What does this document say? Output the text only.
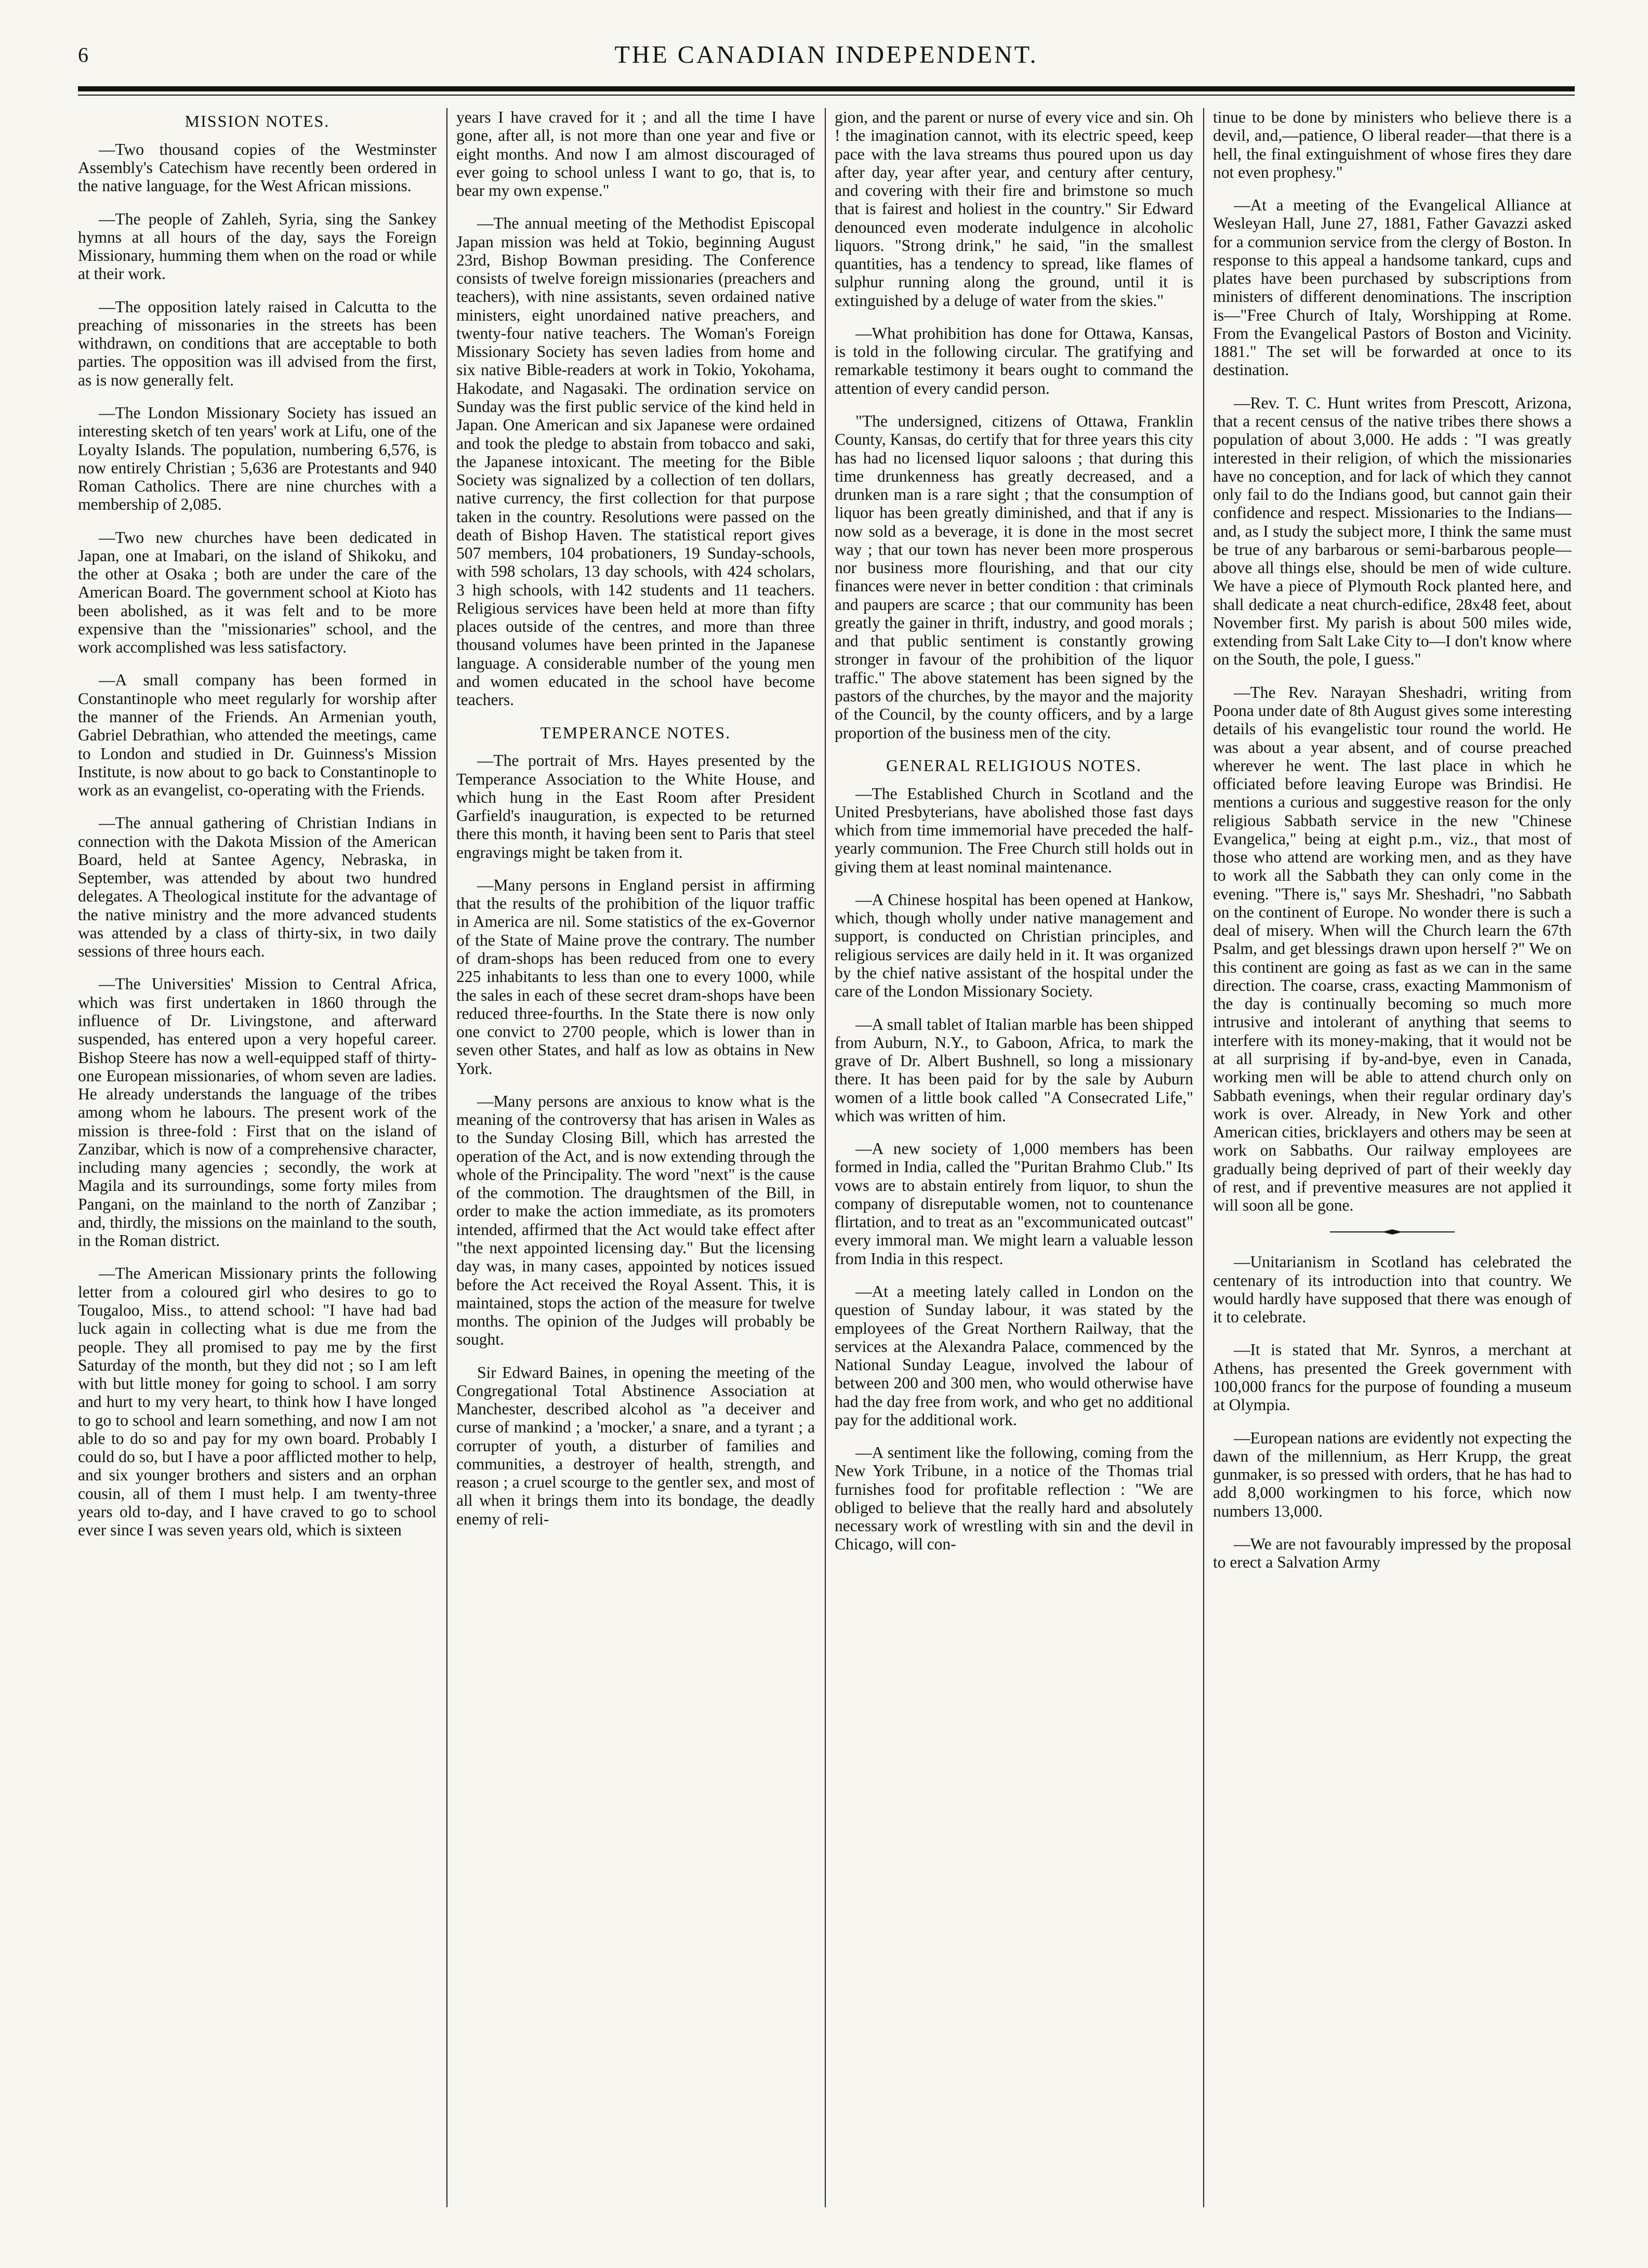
6	THE CANADIAN INDEPENDENT.
MISSION NOTES.

—Two thousand copies of the Westminster Assembly's Catechism have recently been ordered in the native language, for the West African missions.

—The people of Zahleh, Syria, sing the Sankey hymns at all hours of the day, says the Foreign Missionary, humming them when on the road or while at their work.

—The opposition lately raised in Calcutta to the preaching of missonaries in the streets has been withdrawn, on conditions that are acceptable to both parties. The opposition was ill advised from the first, as is now generally felt.

—The London Missionary Society has issued an interesting sketch of ten years' work at Lifu, one of the Loyalty Islands. The population, numbering 6,576, is now entirely Christian ; 5,636 are Protestants and 940 Roman Catholics. There are nine churches with a membership of 2,085.

—Two new churches have been dedicated in Japan, one at Imabari, on the island of Shikoku, and the other at Osaka ; both are under the care of the American Board. The government school at Kioto has been abolished, as it was felt and to be more expensive than the "missionaries" school, and the work accomplished was less satisfactory.

—A small company has been formed in Constantinople who meet regularly for worship after the manner of the Friends. An Armenian youth, Gabriel Debrathian, who attended the meetings, came to London and studied in Dr. Guinness's Mission Institute, is now about to go back to Constantinople to work as an evangelist, co-operating with the Friends.

—The annual gathering of Christian Indians in connection with the Dakota Mission of the American Board, held at Santee Agency, Nebraska, in September, was attended by about two hundred delegates. A Theological institute for the advantage of the native ministry and the more advanced students was attended by a class of thirty-six, in two daily sessions of three hours each.

—The Universities' Mission to Central Africa, which was first undertaken in 1860 through the influence of Dr. Livingstone, and afterward suspended, has entered upon a very hopeful career. Bishop Steere has now a well-equipped staff of thirty-one European missionaries, of whom seven are ladies. He already understands the language of the tribes among whom he labours. The present work of the mission is three-fold : First that on the island of Zanzibar, which is now of a comprehensive character, including many agencies ; secondly, the work at Magila and its surroundings, some forty miles from Pangani, on the mainland to the north of Zanzibar ; and, thirdly, the missions on the mainland to the south, in the Roman district.

—The American Missionary prints the following letter from a coloured girl who desires to go to Tougaloo, Miss., to attend school: "I have had bad luck again in collecting what is due me from the people. They all promised to pay me by the first Saturday of the month, but they did not ; so I am left with but little money for going to school. I am sorry and hurt to my very heart, to think how I have longed to go to school and learn something, and now I am not able to do so and pay for my own board. Probably I could do so, but I have a poor afflicted mother to help, and six younger brothers and sisters and an orphan cousin, all of them I must help. I am twenty-three years old to-day, and I have craved to go to school ever since I was seven years old, which is sixteen

years I have craved for it ; and all the time I have gone, after all, is not more than one year and five or eight months. And now I am almost discouraged of ever going to school unless I want to go, that is, to bear my own expense."

—The annual meeting of the Methodist Episcopal Japan mission was held at Tokio, beginning August 23rd, Bishop Bowman presiding. The Conference consists of twelve foreign missionaries (preachers and teachers), with nine assistants, seven ordained native ministers, eight unordained native preachers, and twenty-four native teachers. The Woman's Foreign Missionary Society has seven ladies from home and six native Bible-readers at work in Tokio, Yokohama, Hakodate, and Nagasaki. The ordination service on Sunday was the first public service of the kind held in Japan. One American and six Japanese were ordained and took the pledge to abstain from tobacco and saki, the Japanese intoxicant. The meeting for the Bible Society was signalized by a collection of ten dollars, native currency, the first collection for that purpose taken in the country. Resolutions were passed on the death of Bishop Haven. The statistical report gives 507 members, 104 probationers, 19 Sunday-schools, with 598 scholars, 13 day schools, with 424 scholars, 3 high schools, with 142 students and 11 teachers. Religious services have been held at more than fifty places outside of the centres, and more than three thousand volumes have been printed in the Japanese language. A considerable number of the young men and women educated in the school have become teachers.

TEMPERANCE NOTES.

—The portrait of Mrs. Hayes presented by the Temperance Association to the White House, and which hung in the East Room after President Garfield's inauguration, is expected to be returned there this month, it having been sent to Paris that steel engravings might be taken from it.

—Many persons in England persist in affirming that the results of the prohibition of the liquor traffic in America are nil. Some statistics of the ex-Governor of the State of Maine prove the contrary. The number of dram-shops has been reduced from one to every 225 inhabitants to less than one to every 1000, while the sales in each of these secret dram-shops have been reduced three-fourths. In the State there is now only one convict to 2700 people, which is lower than in seven other States, and half as low as obtains in New York.

—Many persons are anxious to know what is the meaning of the controversy that has arisen in Wales as to the Sunday Closing Bill, which has arrested the operation of the Act, and is now extending through the whole of the Principality. The word "next" is the cause of the commotion. The draughtsmen of the Bill, in order to make the action immediate, as its promoters intended, affirmed that the Act would take effect after "the next appointed licensing day." But the licensing day was, in many cases, appointed by notices issued before the Act received the Royal Assent. This, it is maintained, stops the action of the measure for twelve months. The opinion of the Judges will probably be sought.

Sir Edward Baines, in opening the meeting of the Congregational Total Abstinence Association at Manchester, described alcohol as "a deceiver and curse of mankind ; a 'mocker,' a snare, and a tyrant ; a corrupter of youth, a disturber of families and communities, a destroyer of health, strength, and reason ; a cruel scourge to the gentler sex, and most of all when it brings them into its bondage, the deadly enemy of reli-

gion, and the parent or nurse of every vice and sin. Oh ! the imagination cannot, with its electric speed, keep pace with the lava streams thus poured upon us day after day, year after year, and century after century, and covering with their fire and brimstone so much that is fairest and holiest in the country." Sir Edward denounced even moderate indulgence in alcoholic liquors. "Strong drink," he said, "in the smallest quantities, has a tendency to spread, like flames of sulphur running along the ground, until it is extinguished by a deluge of water from the skies."

—What prohibition has done for Ottawa, Kansas, is told in the following circular. The gratifying and remarkable testimony it bears ought to command the attention of every candid person.

"The undersigned, citizens of Ottawa, Franklin County, Kansas, do certify that for three years this city has had no licensed liquor saloons ; that during this time drunkenness has greatly decreased, and a drunken man is a rare sight ; that the consumption of liquor has been greatly diminished, and that if any is now sold as a beverage, it is done in the most secret way ; that our town has never been more prosperous nor business more flourishing, and that our city finances were never in better condition : that criminals and paupers are scarce ; that our community has been greatly the gainer in thrift, industry, and good morals ; and that public sentiment is constantly growing stronger in favour of the prohibition of the liquor traffic." The above statement has been signed by the pastors of the churches, by the mayor and the majority of the Council, by the county officers, and by a large proportion of the business men of the city.

GENERAL RELIGIOUS NOTES.

—The Established Church in Scotland and the United Presbyterians, have abolished those fast days which from time immemorial have preceded the half-yearly communion. The Free Church still holds out in giving them at least nominal maintenance.

—A Chinese hospital has been opened at Hankow, which, though wholly under native management and support, is conducted on Christian principles, and religious services are daily held in it. It was organized by the chief native assistant of the hospital under the care of the London Missionary Society.

—A small tablet of Italian marble has been shipped from Auburn, N.Y., to Gaboon, Africa, to mark the grave of Dr. Albert Bushnell, so long a missionary there. It has been paid for by the sale by Auburn women of a little book called "A Consecrated Life," which was written of him.

—A new society of 1,000 members has been formed in India, called the "Puritan Brahmo Club." Its vows are to abstain entirely from liquor, to shun the company of disreputable women, not to countenance flirtation, and to treat as an "excommunicated outcast" every immoral man. We might learn a valuable lesson from India in this respect.

—At a meeting lately called in London on the question of Sunday labour, it was stated by the employees of the Great Northern Railway, that the services at the Alexandra Palace, commenced by the National Sunday League, involved the labour of between 200 and 300 men, who would otherwise have had the day free from work, and who get no additional pay for the additional work.

—A sentiment like the following, coming from the New York Tribune, in a notice of the Thomas trial furnishes food for profitable reflection : "We are obliged to believe that the really hard and absolutely necessary work of wrestling with sin and the devil in Chicago, will con-

tinue to be done by ministers who believe there is a devil, and,—patience, O liberal reader—that there is a hell, the final extinguishment of whose fires they dare not even prophesy."

—At a meeting of the Evangelical Alliance at Wesleyan Hall, June 27, 1881, Father Gavazzi asked for a communion service from the clergy of Boston. In response to this appeal a handsome tankard, cups and plates have been purchased by subscriptions from ministers of different denominations. The inscription is—"Free Church of Italy, Worshipping at Rome. From the Evangelical Pastors of Boston and Vicinity. 1881." The set will be forwarded at once to its destination.

—Rev. T. C. Hunt writes from Prescott, Arizona, that a recent census of the native tribes there shows a population of about 3,000. He adds : "I was greatly interested in their religion, of which the missionaries have no conception, and for lack of which they cannot only fail to do the Indians good, but cannot gain their confidence and respect. Missionaries to the Indians—and, as I study the subject more, I think the same must be true of any barbarous or semi-barbarous people—above all things else, should be men of wide culture. We have a piece of Plymouth Rock planted here, and shall dedicate a neat church-edifice, 28x48 feet, about November first. My parish is about 500 miles wide, extending from Salt Lake City to—I don't know where on the South, the pole, I guess."

—The Rev. Narayan Sheshadri, writing from Poona under date of 8th August gives some interesting details of his evangelistic tour round the world. He was about a year absent, and of course preached wherever he went. The last place in which he officiated before leaving Europe was Brindisi. He mentions a curious and suggestive reason for the only religious Sabbath service in the new "Chinese Evangelica," being at eight p.m., viz., that most of those who attend are working men, and as they have to work all the Sabbath they can only come in the evening. "There is," says Mr. Sheshadri, "no Sabbath on the continent of Europe. No wonder there is such a deal of misery. When will the Church learn the 67th Psalm, and get blessings drawn upon herself ?" We on this continent are going as fast as we can in the same direction. The coarse, crass, exacting Mammonism of the day is continually becoming so much more intrusive and intolerant of anything that seems to interfere with its money-making, that it would not be at all surprising if by-and-bye, even in Canada, working men will be able to attend church only on Sabbath evenings, when their regular ordinary day's work is over. Already, in New York and other American cities, bricklayers and others may be seen at work on Sabbaths. Our railway employees are gradually being deprived of part of their weekly day of rest, and if preventive measures are not applied it will soon all be gone.

—Unitarianism in Scotland has celebrated the centenary of its introduction into that country. We would hardly have supposed that there was enough of it to celebrate.

—It is stated that Mr. Synros, a merchant at Athens, has presented the Greek government with 100,000 francs for the purpose of founding a museum at Olympia.

—European nations are evidently not expecting the dawn of the millennium, as Herr Krupp, the great gunmaker, is so pressed with orders, that he has had to add 8,000 workingmen to his force, which now numbers 13,000.

—We are not favourably impressed by the proposal to erect a Salvation Army
